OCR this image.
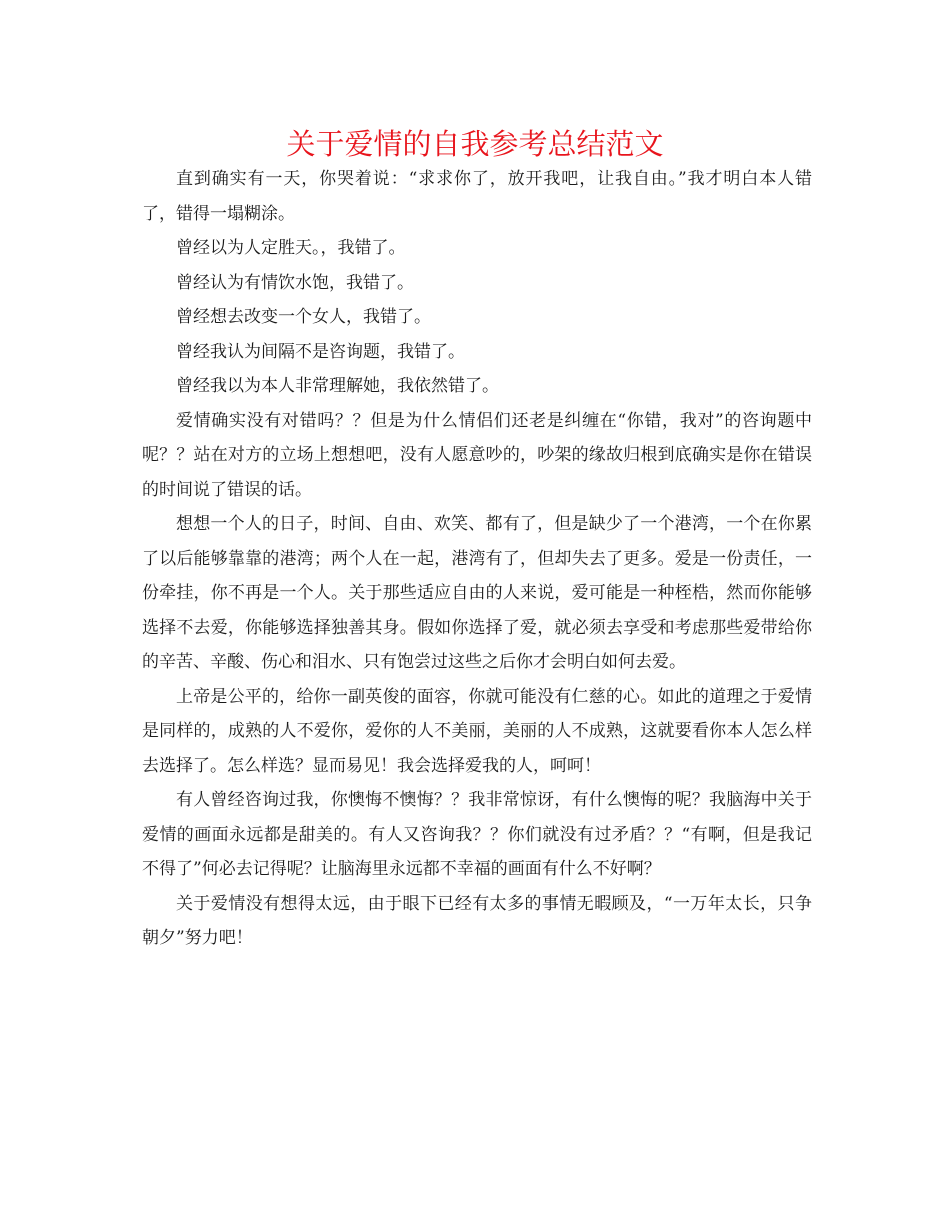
关于爱情的自我参考总结范文

直到确实有一天，你哭着说：“求求你了，放开我吧，让我自由。”我才明白本人错了，错得一塌糊涂。

曾经以为人定胜天。，我错了。

曾经认为有情饮水饱，我错了。

曾经想去改变一个女人，我错了。

曾经我认为间隔不是咨询题，我错了。

曾经我以为本人非常理解她，我依然错了。

爱情确实没有对错吗？？但是为什么情侣们还老是纠缠在“你错，我对”的咨询题中呢？？站在对方的立场上想想吧，没有人愿意吵的，吵架的缘故归根到底确实是你在错误的时间说了错误的话。

想想一个人的日子，时间、自由、欢笑、都有了，但是缺少了一个港湾，一个在你累了以后能够靠靠的港湾；两个人在一起，港湾有了，但却失去了更多。爱是一份责任，一份牵挂，你不再是一个人。关于那些适应自由的人来说，爱可能是一种桎梏，然而你能够选择不去爱，你能够选择独善其身。假如你选择了爱，就必须去享受和考虑那些爱带给你的辛苦、辛酸、伤心和泪水、只有饱尝过这些之后你才会明白如何去爱。

上帝是公平的，给你一副英俊的面容，你就可能没有仁慈的心。如此的道理之于爱情是同样的，成熟的人不爱你，爱你的人不美丽，美丽的人不成熟，这就要看你本人怎么样去选择了。怎么样选？显而易见！我会选择爱我的人，呵呵！

有人曾经咨询过我，你懊悔不懊悔？？我非常惊讶，有什么懊悔的呢？我脑海中关于爱情的画面永远都是甜美的。有人又咨询我？？你们就没有过矛盾？？“有啊，但是我记不得了”何必去记得呢？让脑海里永远都不幸福的画面有什么不好啊？

关于爱情没有想得太远，由于眼下已经有太多的事情无暇顾及，“一万年太长，只争朝夕”努力吧！
